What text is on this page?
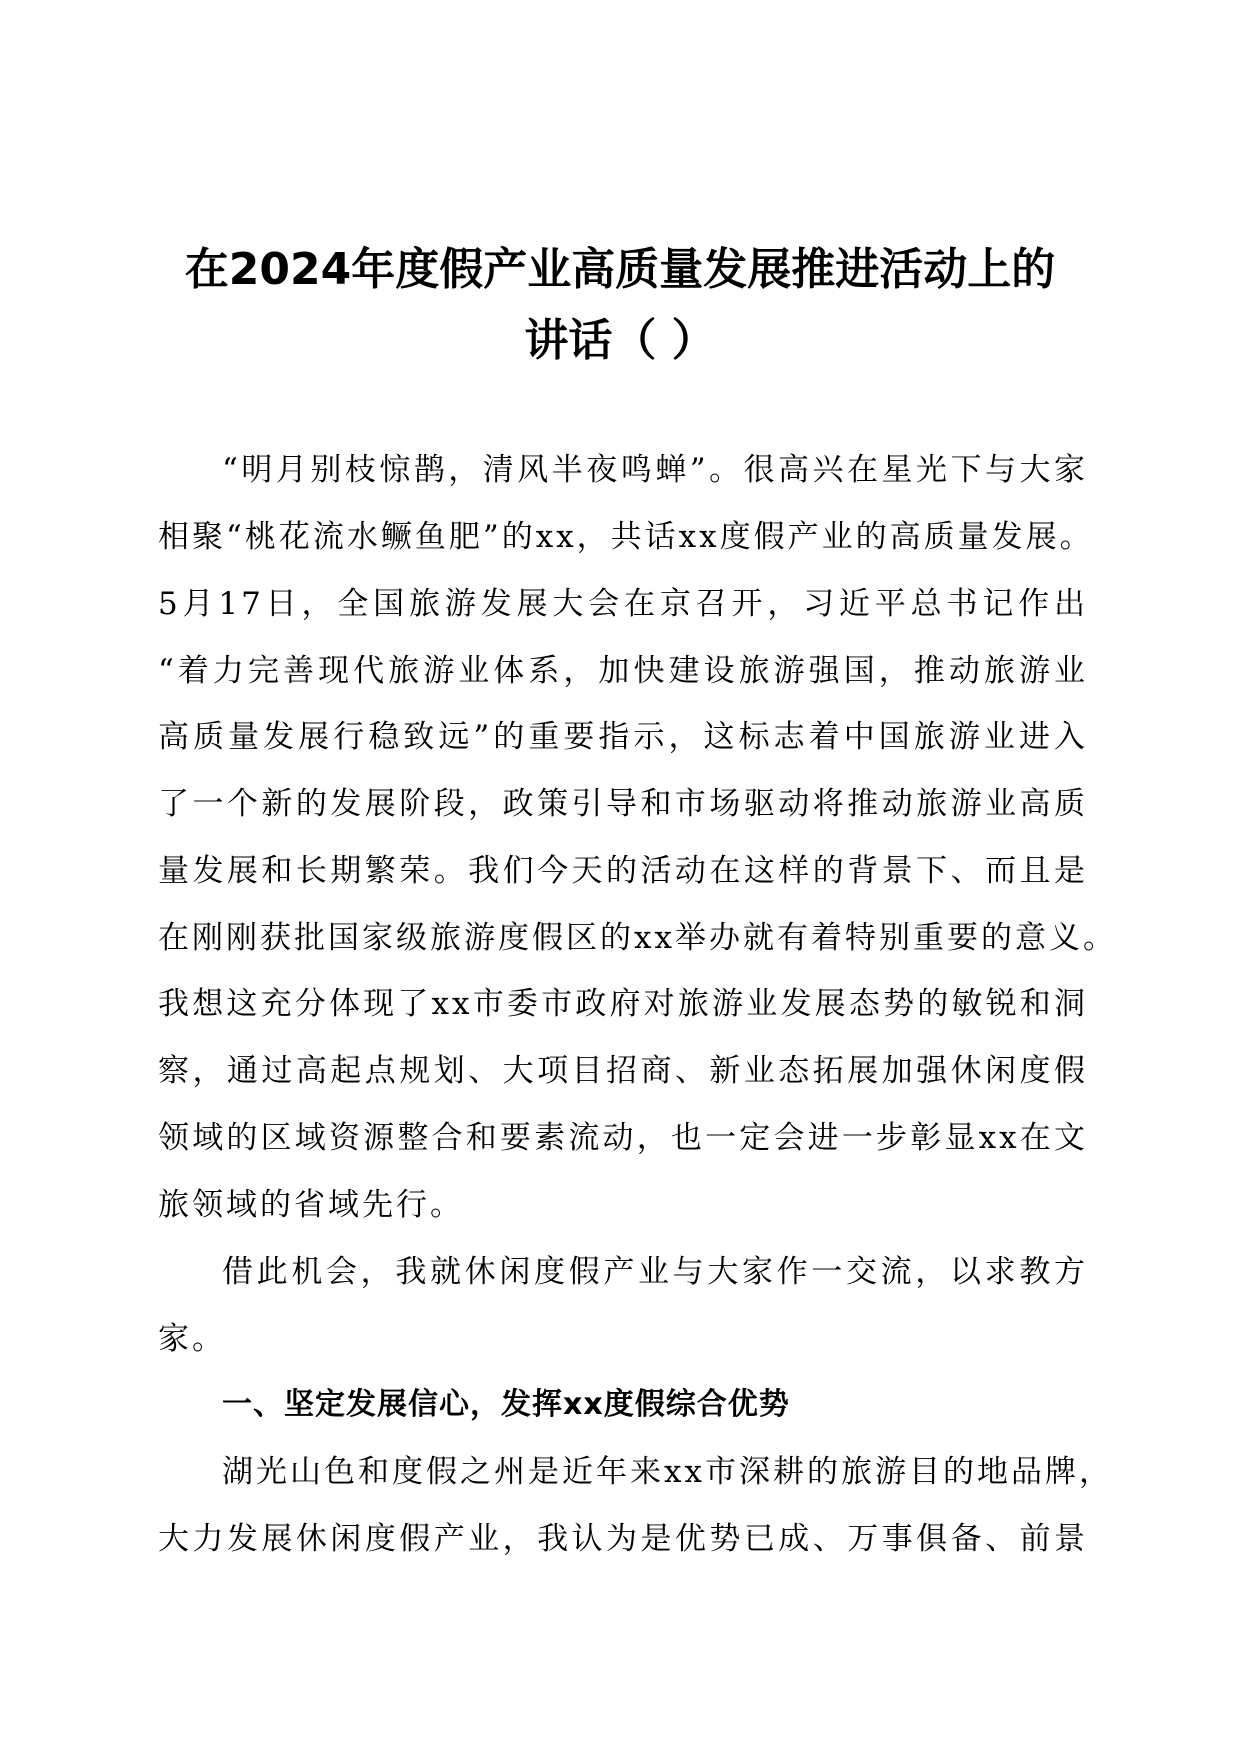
在2024年度假产业高质量发展推进活动上的
讲话（ ）
“明月别枝惊鹊，清风半夜鸣蝉”。很高兴在星光下与大家
相聚“桃花流水鳜鱼肥”的xx，共话xx度假产业的高质量发展。
5月17日，全国旅游发展大会在京召开，习近平总书记作出
“着力完善现代旅游业体系，加快建设旅游强国，推动旅游业
高质量发展行稳致远”的重要指示，这标志着中国旅游业进入
了一个新的发展阶段，政策引导和市场驱动将推动旅游业高质
量发展和长期繁荣。我们今天的活动在这样的背景下、而且是
在刚刚获批国家级旅游度假区的xx举办就有着特别重要的意义。
我想这充分体现了xx市委市政府对旅游业发展态势的敏锐和洞
察，通过高起点规划、大项目招商、新业态拓展加强休闲度假
领域的区域资源整合和要素流动，也一定会进一步彰显xx在文
旅领域的省域先行。
借此机会，我就休闲度假产业与大家作一交流，以求教方
家。
一、坚定发展信心，发挥xx度假综合优势
湖光山色和度假之州是近年来xx市深耕的旅游目的地品牌，
大力发展休闲度假产业，我认为是优势已成、万事俱备、前景
